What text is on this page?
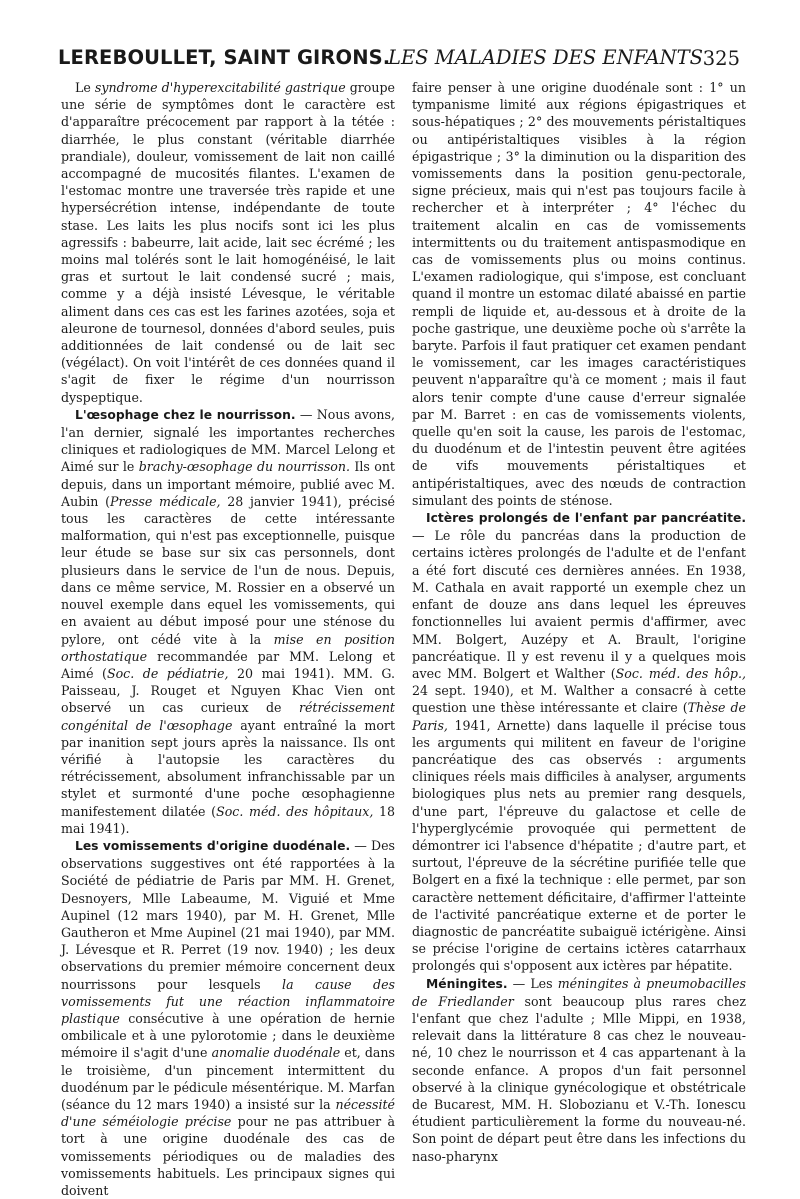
LEREBOULLET, SAINT GIRONS.
LES MALADIES DES ENFANTS 325

Le syndrome d'hyperexcitabilité gastrique groupe une série de symptômes dont le caractère est d'apparaître précocement par rapport à la tétée : diarrhée, le plus constant (véritable diarrhée prandiale), douleur, vomissement de lait non caillé accompagné de mucosités filantes. L'examen de l'estomac montre une traversée très rapide et une hypersécrétion intense, indépendante de toute stase. Les laits les plus nocifs sont ici les plus agressifs : babeurre, lait acide, lait sec écrémé ; les moins mal tolérés sont le lait homogénéisé, le lait gras et surtout le lait condensé sucré ; mais, comme y a déjà insisté Lévesque, le véritable aliment dans ces cas est les farines azotées, soja et aleurone de tournesol, données d'abord seules, puis additionnées de lait condensé ou de lait sec (végélact). On voit l'intérêt de ces données quand il s'agit de fixer le régime d'un nourrisson dyspeptique.

L'œsophage chez le nourrisson. — Nous avons, l'an dernier, signalé les importantes recherches cliniques et radiologiques de MM. Marcel Lelong et Aimé sur le brachy-œsophage du nourrisson. Ils ont depuis, dans un important mémoire, publié avec M. Aubin (Presse médicale, 28 janvier 1941), précisé tous les caractères de cette intéressante malformation, qui n'est pas exceptionnelle, puisque leur étude se base sur six cas personnels, dont plusieurs dans le service de l'un de nous. Depuis, dans ce même service, M. Rossier en a observé un nouvel exemple dans equel les vomissements, qui en avaient au début imposé pour une sténose du pylore, ont cédé vite à la mise en position orthostatique recommandée par MM. Lelong et Aimé (Soc. de pédiatrie, 20 mai 1941). MM. G. Paisseau, J. Rouget et Nguyen Khac Vien ont observé un cas curieux de rétrécissement congénital de l'œsophage ayant entraîné la mort par inanition sept jours après la naissance. Ils ont vérifié à l'autopsie les caractères du rétrécissement, absolument infranchissable par un stylet et surmonté d'une poche œsophagienne manifestement dilatée (Soc. méd. des hôpitaux, 18 mai 1941).

Les vomissements d'origine duodénale. — Des observations suggestives ont été rapportées à la Société de pédiatrie de Paris par MM. H. Grenet, Desnoyers, Mlle Labeaume, M. Viguié et Mme Aupinel (12 mars 1940), par M. H. Grenet, Mlle Gautheron et Mme Aupinel (21 mai 1940), par MM. J. Lévesque et R. Perret (19 nov. 1940) ; les deux observations du premier mémoire concernent deux nourrissons pour lesquels la cause des vomissements fut une réaction inflammatoire plastique consécutive à une opération de hernie ombilicale et à une pylorotomie ; dans le deuxième mémoire il s'agit d'une anomalie duodénale et, dans le troisième, d'un pincement intermittent du duodénum par le pédicule mésentérique. M. Marfan (séance du 12 mars 1940) a insisté sur la nécessité d'une séméiologie précise pour ne pas attribuer à tort à une origine duodénale des cas de vomissements périodiques ou de maladies des vomissements habituels. Les principaux signes qui doivent

faire penser à une origine duodénale sont : 1° un tympanisme limité aux régions épigastriques et sous-hépatiques ; 2° des mouvements péristaltiques ou antipéristaltiques visibles à la région épigastrique ; 3° la diminution ou la disparition des vomissements dans la position genu-pectorale, signe précieux, mais qui n'est pas toujours facile à rechercher et à interpréter ; 4° l'échec du traitement alcalin en cas de vomissements intermittents ou du traitement antispasmodique en cas de vomissements plus ou moins continus. L'examen radiologique, qui s'impose, est concluant quand il montre un estomac dilaté abaissé en partie rempli de liquide et, au-dessous et à droite de la poche gastrique, une deuxième poche où s'arrête la baryte. Parfois il faut pratiquer cet examen pendant le vomissement, car les images caractéristiques peuvent n'apparaître qu'à ce moment ; mais il faut alors tenir compte d'une cause d'erreur signalée par M. Barret : en cas de vomissements violents, quelle qu'en soit la cause, les parois de l'estomac, du duodénum et de l'intestin peuvent être agitées de vifs mouvements péristaltiques et antipéristaltiques, avec des nœuds de contraction simulant des points de sténose.

Ictères prolongés de l'enfant par pancréatite. — Le rôle du pancréas dans la production de certains ictères prolongés de l'adulte et de l'enfant a été fort discuté ces dernières années. En 1938, M. Cathala en avait rapporté un exemple chez un enfant de douze ans dans lequel les épreuves fonctionnelles lui avaient permis d'affirmer, avec MM. Bolgert, Auzépy et A. Brault, l'origine pancréatique. Il y est revenu il y a quelques mois avec MM. Bolgert et Walther (Soc. méd. des hôp., 24 sept. 1940), et M. Walther a consacré à cette question une thèse intéressante et claire (Thèse de Paris, 1941, Arnette) dans laquelle il précise tous les arguments qui militent en faveur de l'origine pancréatique des cas observés : arguments cliniques réels mais difficiles à analyser, arguments biologiques plus nets au premier rang desquels, d'une part, l'épreuve du galactose et celle de l'hyperglycémie provoquée qui permettent de démontrer ici l'absence d'hépatite ; d'autre part, et surtout, l'épreuve de la sécrétine purifiée telle que Bolgert en a fixé la technique : elle permet, par son caractère nettement déficitaire, d'affirmer l'atteinte de l'activité pancréatique externe et de porter le diagnostic de pancréatite subaiguë ictérigène. Ainsi se précise l'origine de certains ictères catarrhaux prolongés qui s'opposent aux ictères par hépatite.

Méningites. — Les méningites à pneumobacilles de Friedlander sont beaucoup plus rares chez l'enfant que chez l'adulte ; Mlle Mippi, en 1938, relevait dans la littérature 8 cas chez le nouveau-né, 10 chez le nourrisson et 4 cas appartenant à la seconde enfance. A propos d'un fait personnel observé à la clinique gynécologique et obstétricale de Bucarest, MM. H. Slobozianu et V.-Th. Ionescu étudient particulièrement la forme du nouveau-né. Son point de départ peut être dans les infections du naso-pharynx
